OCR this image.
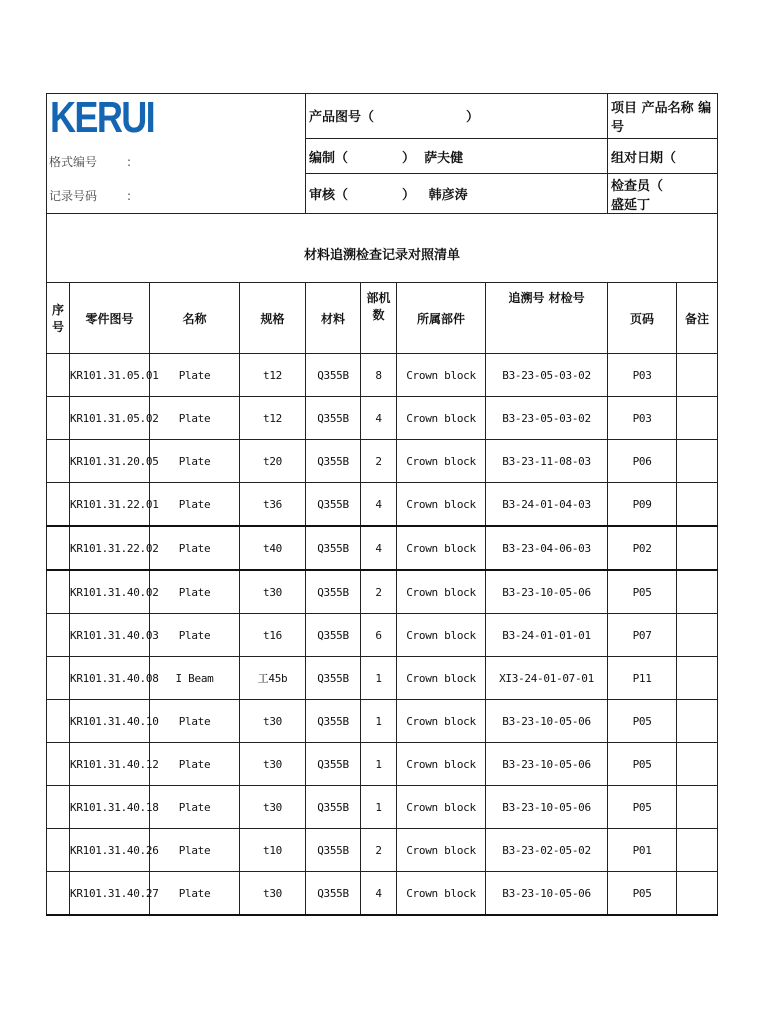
KERUI
格式编号 :
记录号码 :				产品图号（ ）				项目 产品名称 编号	
				编制（ ） 萨夫健				组对日期（	
				审核（ ） 韩彦涛				检查员（盛延丁	
材料追溯检查记录对照清单									
序号	零件图号	名称	规格	材料	部机数	所属部件	追溯号 材检号	页码	备注
	KR101.31.05.01	Plate	t12	Q355B	8	Crown block	B3-23-05-03-02	P03	
	KR101.31.05.02	Plate	t12	Q355B	4	Crown block	B3-23-05-03-02	P03	
	KR101.31.20.05	Plate	t20	Q355B	2	Crown block	B3-23-11-08-03	P06	
	KR101.31.22.01	Plate	t36	Q355B	4	Crown block	B3-24-01-04-03	P09	
	KR101.31.22.02	Plate	t40	Q355B	4	Crown block	B3-23-04-06-03	P02	
	KR101.31.40.02	Plate	t30	Q355B	2	Crown block	B3-23-10-05-06	P05	
	KR101.31.40.03	Plate	t16	Q355B	6	Crown block	B3-24-01-01-01	P07	
	KR101.31.40.08	I Beam	工45b	Q355B	1	Crown block	XI3-24-01-07-01	P11	
	KR101.31.40.10	Plate	t30	Q355B	1	Crown block	B3-23-10-05-06	P05	
	KR101.31.40.12	Plate	t30	Q355B	1	Crown block	B3-23-10-05-06	P05	
	KR101.31.40.18	Plate	t30	Q355B	1	Crown block	B3-23-10-05-06	P05	
	KR101.31.40.26	Plate	t10	Q355B	2	Crown block	B3-23-02-05-02	P01	
	KR101.31.40.27	Plate	t30	Q355B	4	Crown block	B3-23-10-05-06	P05	
